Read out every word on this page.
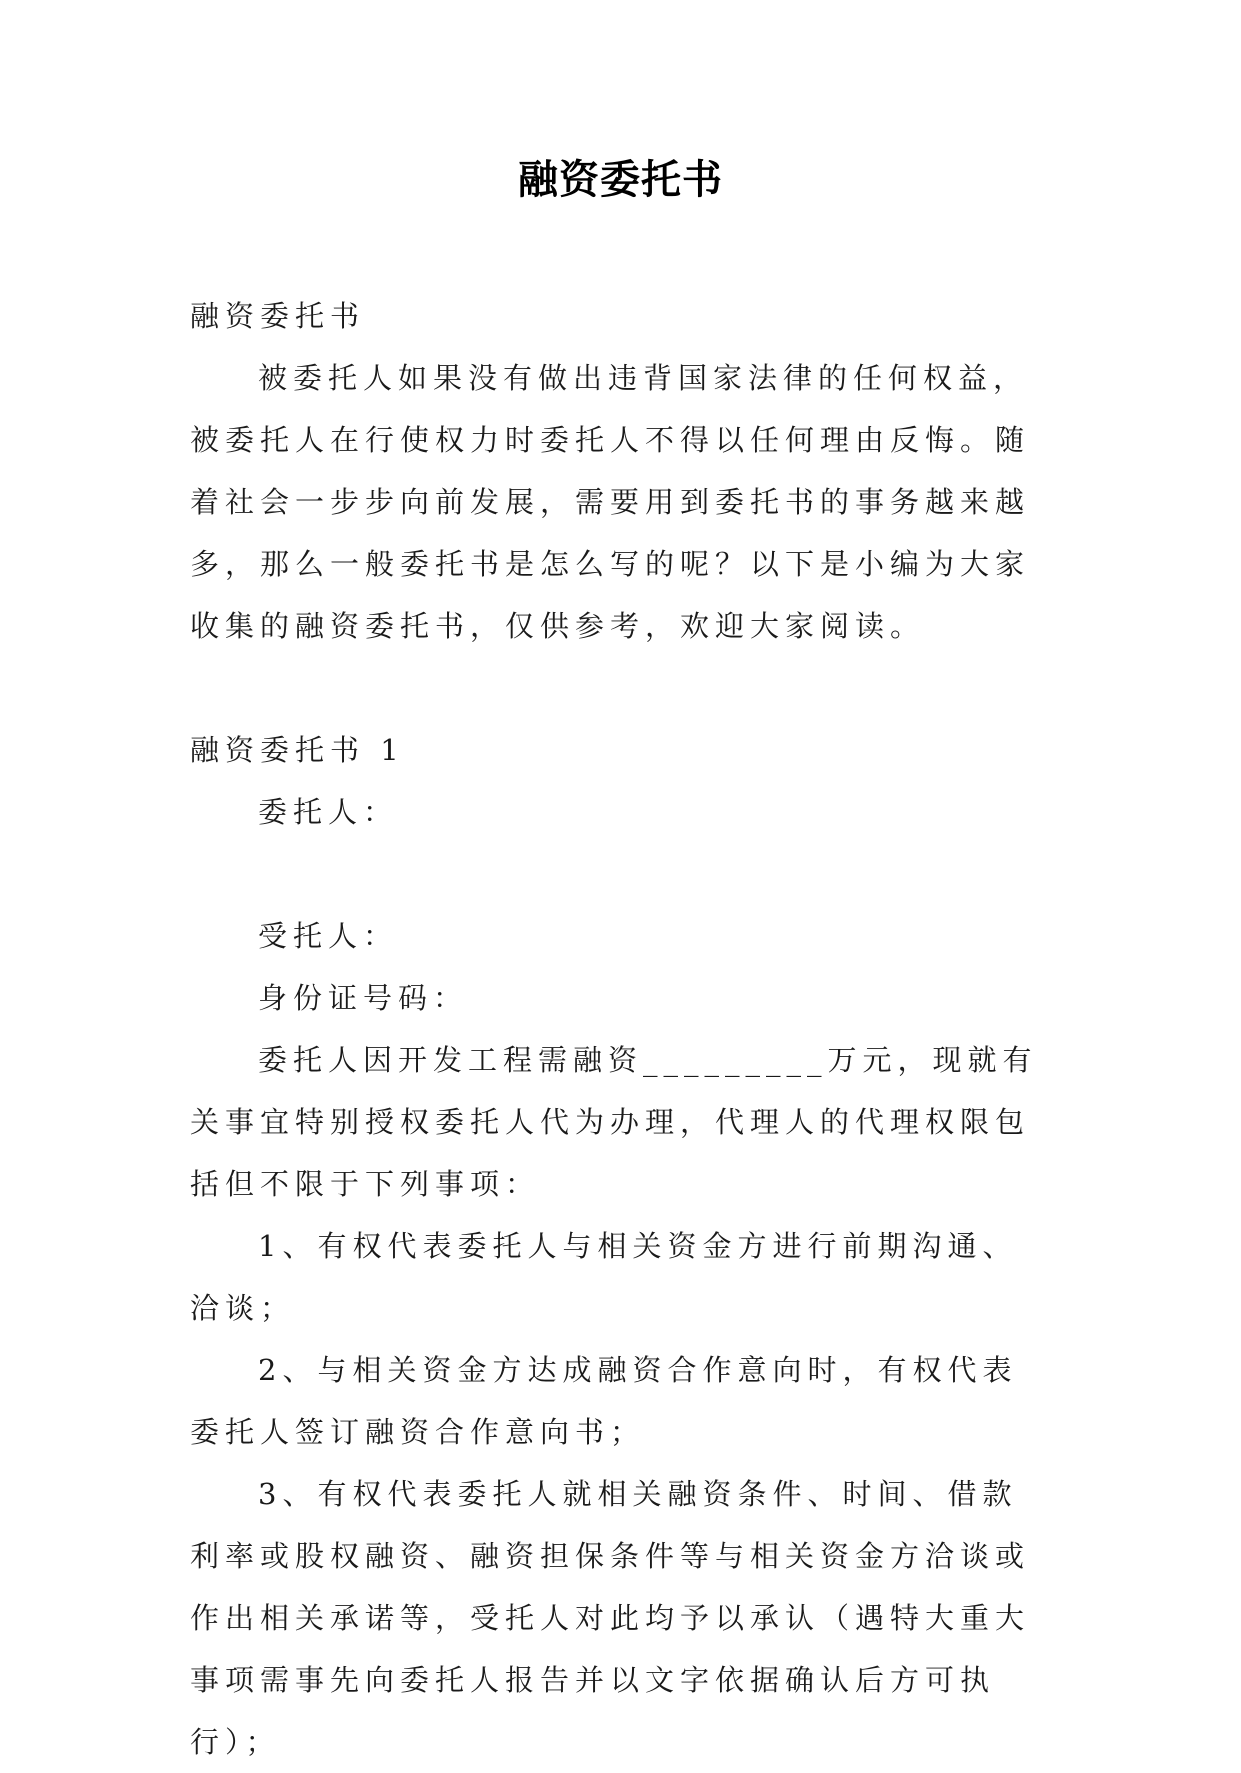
融资委托书

融资委托书

被委托人如果没有做出违背国家法律的任何权益，被委托人在行使权力时委托人不得以任何理由反悔。随着社会一步步向前发展，需要用到委托书的事务越来越多，那么一般委托书是怎么写的呢？以下是小编为大家收集的融资委托书，仅供参考，欢迎大家阅读。

融资委托书 1

委托人：

受托人：

身份证号码：

委托人因开发工程需融资_________万元，现就有关事宜特别授权委托人代为办理，代理人的代理权限包括但不限于下列事项：

1、有权代表委托人与相关资金方进行前期沟通、洽谈；

2、与相关资金方达成融资合作意向时，有权代表委托人签订融资合作意向书；

3、有权代表委托人就相关融资条件、时间、借款利率或股权融资、融资担保条件等与相关资金方洽谈或作出相关承诺等，受托人对此均予以承认（遇特大重大事项需事先向委托人报告并以文字依据确认后方可执行）；
